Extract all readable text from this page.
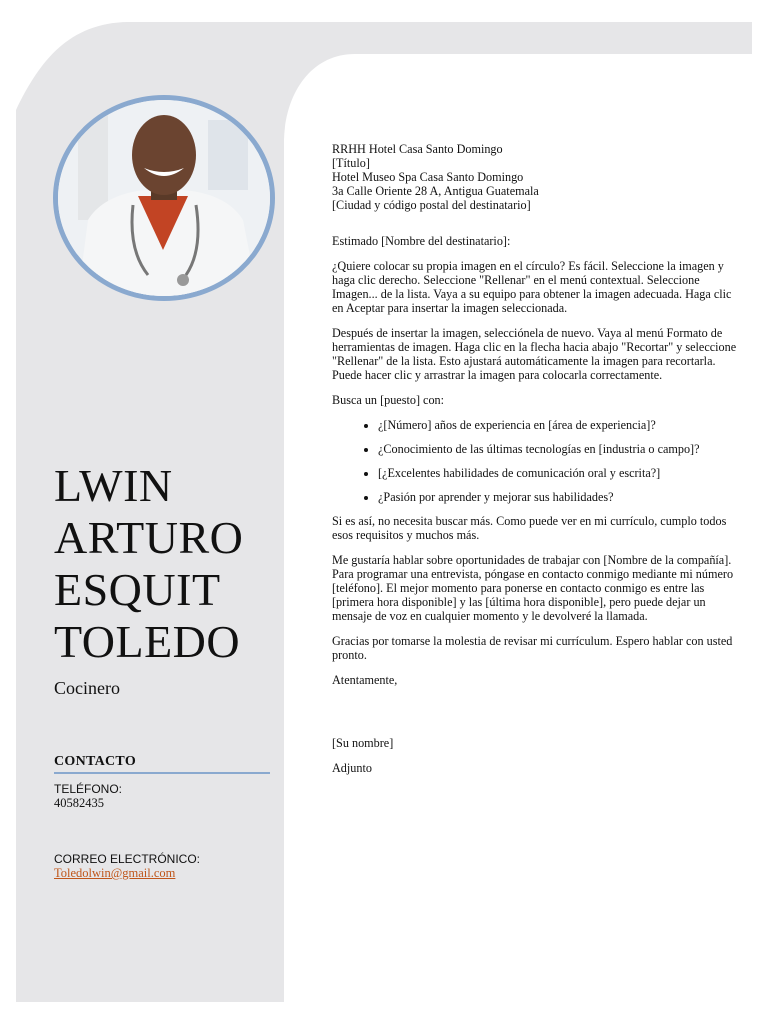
LWIN
ARTURO
ESQUIT
TOLEDO
Cocinero
CONTACTO
TELÉFONO:
40582435
CORREO ELECTRÓNICO:
Toledolwin@gmail.com

RRHH Hotel Casa Santo Domingo

[Título]

Hotel Museo Spa Casa Santo Domingo

3a Calle Oriente 28 A, Antigua Guatemala

[Ciudad y código postal del destinatario]

Estimado [Nombre del destinatario]:

¿Quiere colocar su propia imagen en el círculo? Es fácil. Seleccione la imagen y haga clic derecho. Seleccione "Rellenar" en el menú contextual. Seleccione Imagen... de la lista. Vaya a su equipo para obtener la imagen adecuada. Haga clic en Aceptar para insertar la imagen seleccionada.

Después de insertar la imagen, selecciónela de nuevo. Vaya al menú Formato de herramientas de imagen. Haga clic en la flecha hacia abajo "Recortar" y seleccione "Rellenar" de la lista. Esto ajustará automáticamente la imagen para recortarla. Puede hacer clic y arrastrar la imagen para colocarla correctamente.

Busca un [puesto] con:

• ¿[Número] años de experiencia en [área de experiencia]?
• ¿Conocimiento de las últimas tecnologías en [industria o campo]?
• [¿Excelentes habilidades de comunicación oral y escrita?]
• ¿Pasión por aprender y mejorar sus habilidades?

Si es así, no necesita buscar más. Como puede ver en mi currículo, cumplo todos esos requisitos y muchos más.

Me gustaría hablar sobre oportunidades de trabajar con [Nombre de la compañía]. Para programar una entrevista, póngase en contacto conmigo mediante mi número [teléfono]. El mejor momento para ponerse en contacto conmigo es entre las [primera hora disponible] y las [última hora disponible], pero puede dejar un mensaje de voz en cualquier momento y le devolveré la llamada.

Gracias por tomarse la molestia de revisar mi currículum. Espero hablar con usted pronto.

Atentamente,

[Su nombre]

Adjunto
